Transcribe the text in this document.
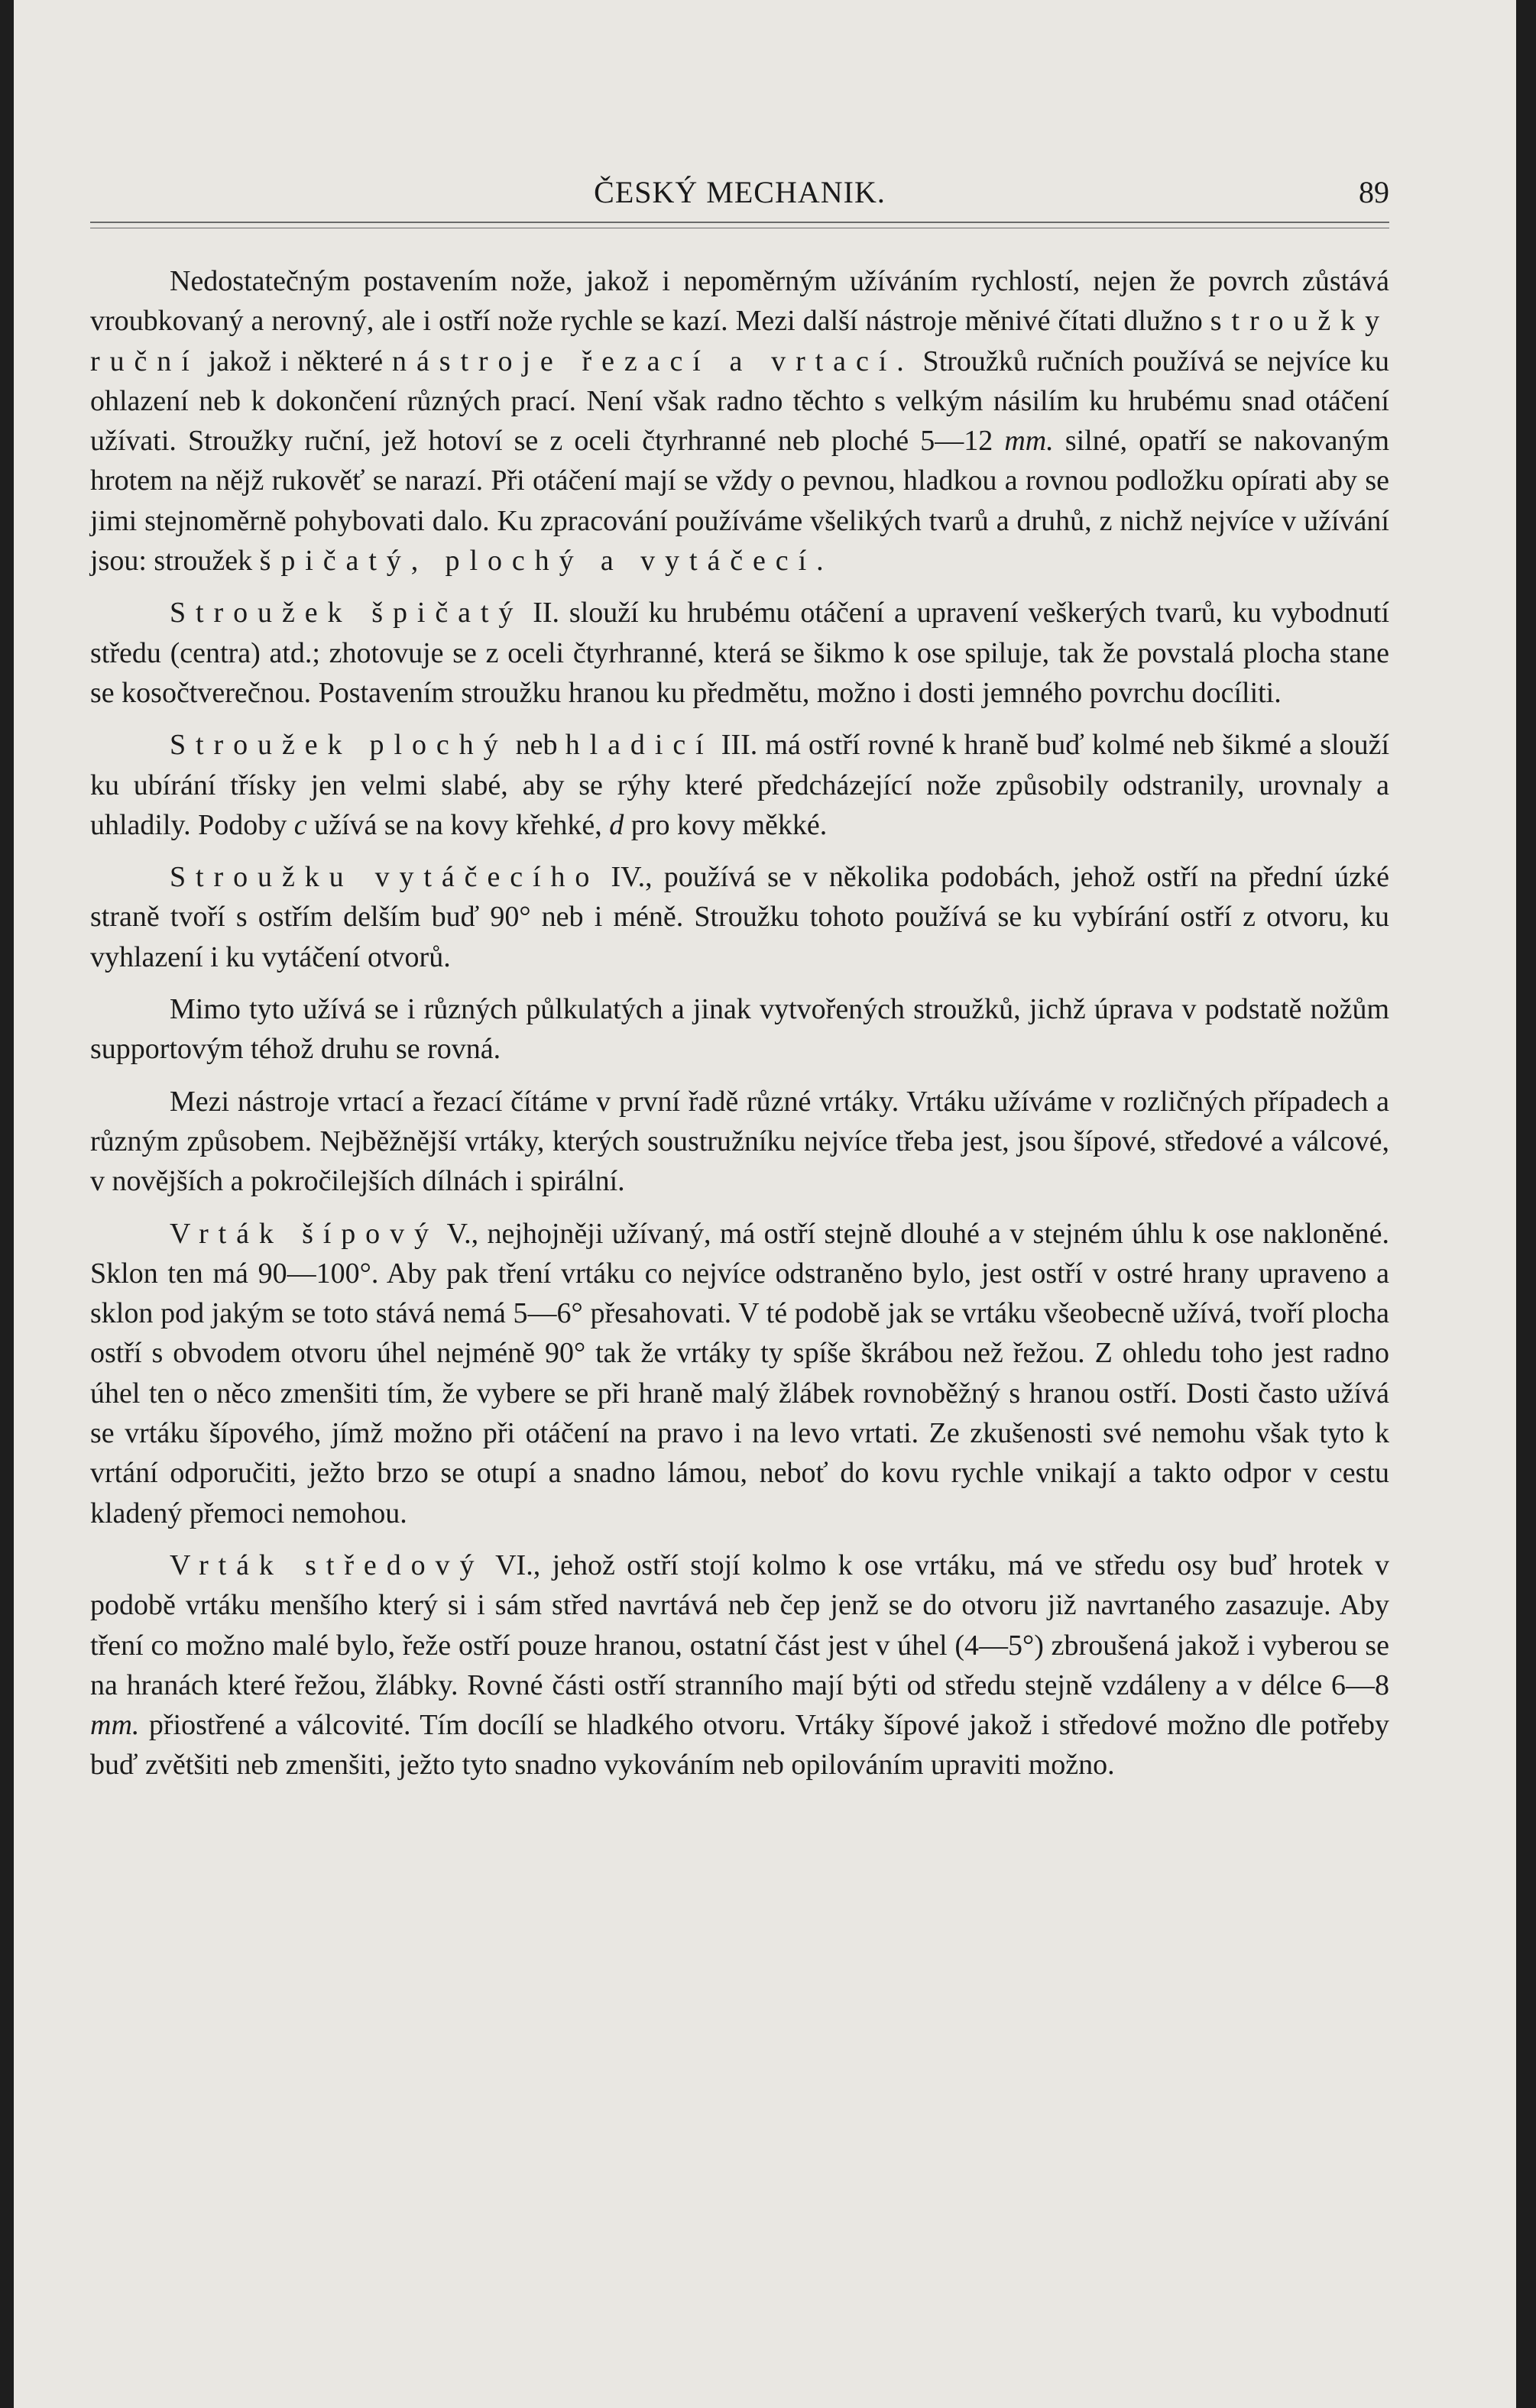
ČESKÝ MECHANIK.	89

Nedostatečným postavením nože, jakož i nepoměrným užíváním rychlostí, nejen že povrch zůstává vroubkovaný a nerovný, ale i ostří nože rychle se kazí. Mezi další nástroje měnivé čítati dlužno stroužky ruční jakož i některé nástroje řezací a vrtací. Stroužků ručních používá se nejvíce ku ohlazení neb k dokončení různých prací. Není však radno těchto s velkým násilím ku hrubému snad otáčení užívati. Stroužky ruční, jež hotoví se z oceli čtyrhranné neb ploché 5—12 mm. silné, opatří se nakovaným hrotem na nějž rukověť se narazí. Při otáčení mají se vždy o pevnou, hladkou a rovnou podložku opírati aby se jimi stejnoměrně pohybovati dalo. Ku zpracování používáme všelikých tvarů a druhů, z nichž nejvíce v užívání jsou: stroužek špičatý, plochý a vytáčecí.

Stroužek špičatý II. slouží ku hrubému otáčení a upravení veškerých tvarů, ku vybodnutí středu (centra) atd.; zhotovuje se z oceli čtyrhranné, která se šikmo k ose spiluje, tak že povstalá plocha stane se kosočtverečnou. Postavením stroužku hranou ku předmětu, možno i dosti jemného povrchu docíliti.

Stroužek plochý neb hladicí III. má ostří rovné k hraně buď kolmé neb šikmé a slouží ku ubírání třísky jen velmi slabé, aby se rýhy které předcházející nože způsobily odstranily, urovnaly a uhladily. Podoby c užívá se na kovy křehké, d pro kovy měkké.

Stroužku vytáčecího IV., používá se v několika podobách, jehož ostří na přední úzké straně tvoří s ostřím delším buď 90° neb i méně. Stroužku tohoto používá se ku vybírání ostří z otvoru, ku vyhlazení i ku vytáčení otvorů.

Mimo tyto užívá se i různých půlkulatých a jinak vytvořených stroužků, jichž úprava v podstatě nožům supportovým téhož druhu se rovná.

Mezi nástroje vrtací a řezací čítáme v první řadě různé vrtáky. Vrtáku užíváme v rozličných případech a různým způsobem. Nejběžnější vrtáky, kterých soustružníku nejvíce třeba jest, jsou šípové, středové a válcové, v novějších a pokročilejších dílnách i spirální.

Vrták šípový V., nejhojněji užívaný, má ostří stejně dlouhé a v stejném úhlu k ose nakloněné. Sklon ten má 90—100°. Aby pak tření vrtáku co nejvíce odstraněno bylo, jest ostří v ostré hrany upraveno a sklon pod jakým se toto stává nemá 5—6° přesahovati. V té podobě jak se vrtáku všeobecně užívá, tvoří plocha ostří s obvodem otvoru úhel nejméně 90° tak že vrtáky ty spíše škrábou než řežou. Z ohledu toho jest radno úhel ten o něco zmenšiti tím, že vybere se při hraně malý žlábek rovnoběžný s hranou ostří. Dosti často užívá se vrtáku šípového, jímž možno při otáčení na pravo i na levo vrtati. Ze zkušenosti své nemohu však tyto k vrtání odporučiti, ježto brzo se otupí a snadno lámou, neboť do kovu rychle vnikají a takto odpor v cestu kladený přemoci nemohou.

Vrták středový VI., jehož ostří stojí kolmo k ose vrtáku, má ve středu osy buď hrotek v podobě vrtáku menšího který si i sám střed navrtává neb čep jenž se do otvoru již navrtaného zasazuje. Aby tření co možno malé bylo, řeže ostří pouze hranou, ostatní část jest v úhel (4—5°) zbroušená jakož i vyberou se na hranách které řežou, žlábky. Rovné části ostří stranního mají býti od středu stejně vzdáleny a v délce 6—8 mm. přiostřené a válcovité. Tím docílí se hladkého otvoru. Vrtáky šípové jakož i středové možno dle potřeby buď zvětšiti neb zmenšiti, ježto tyto snadno vykováním neb opilováním upraviti možno.
